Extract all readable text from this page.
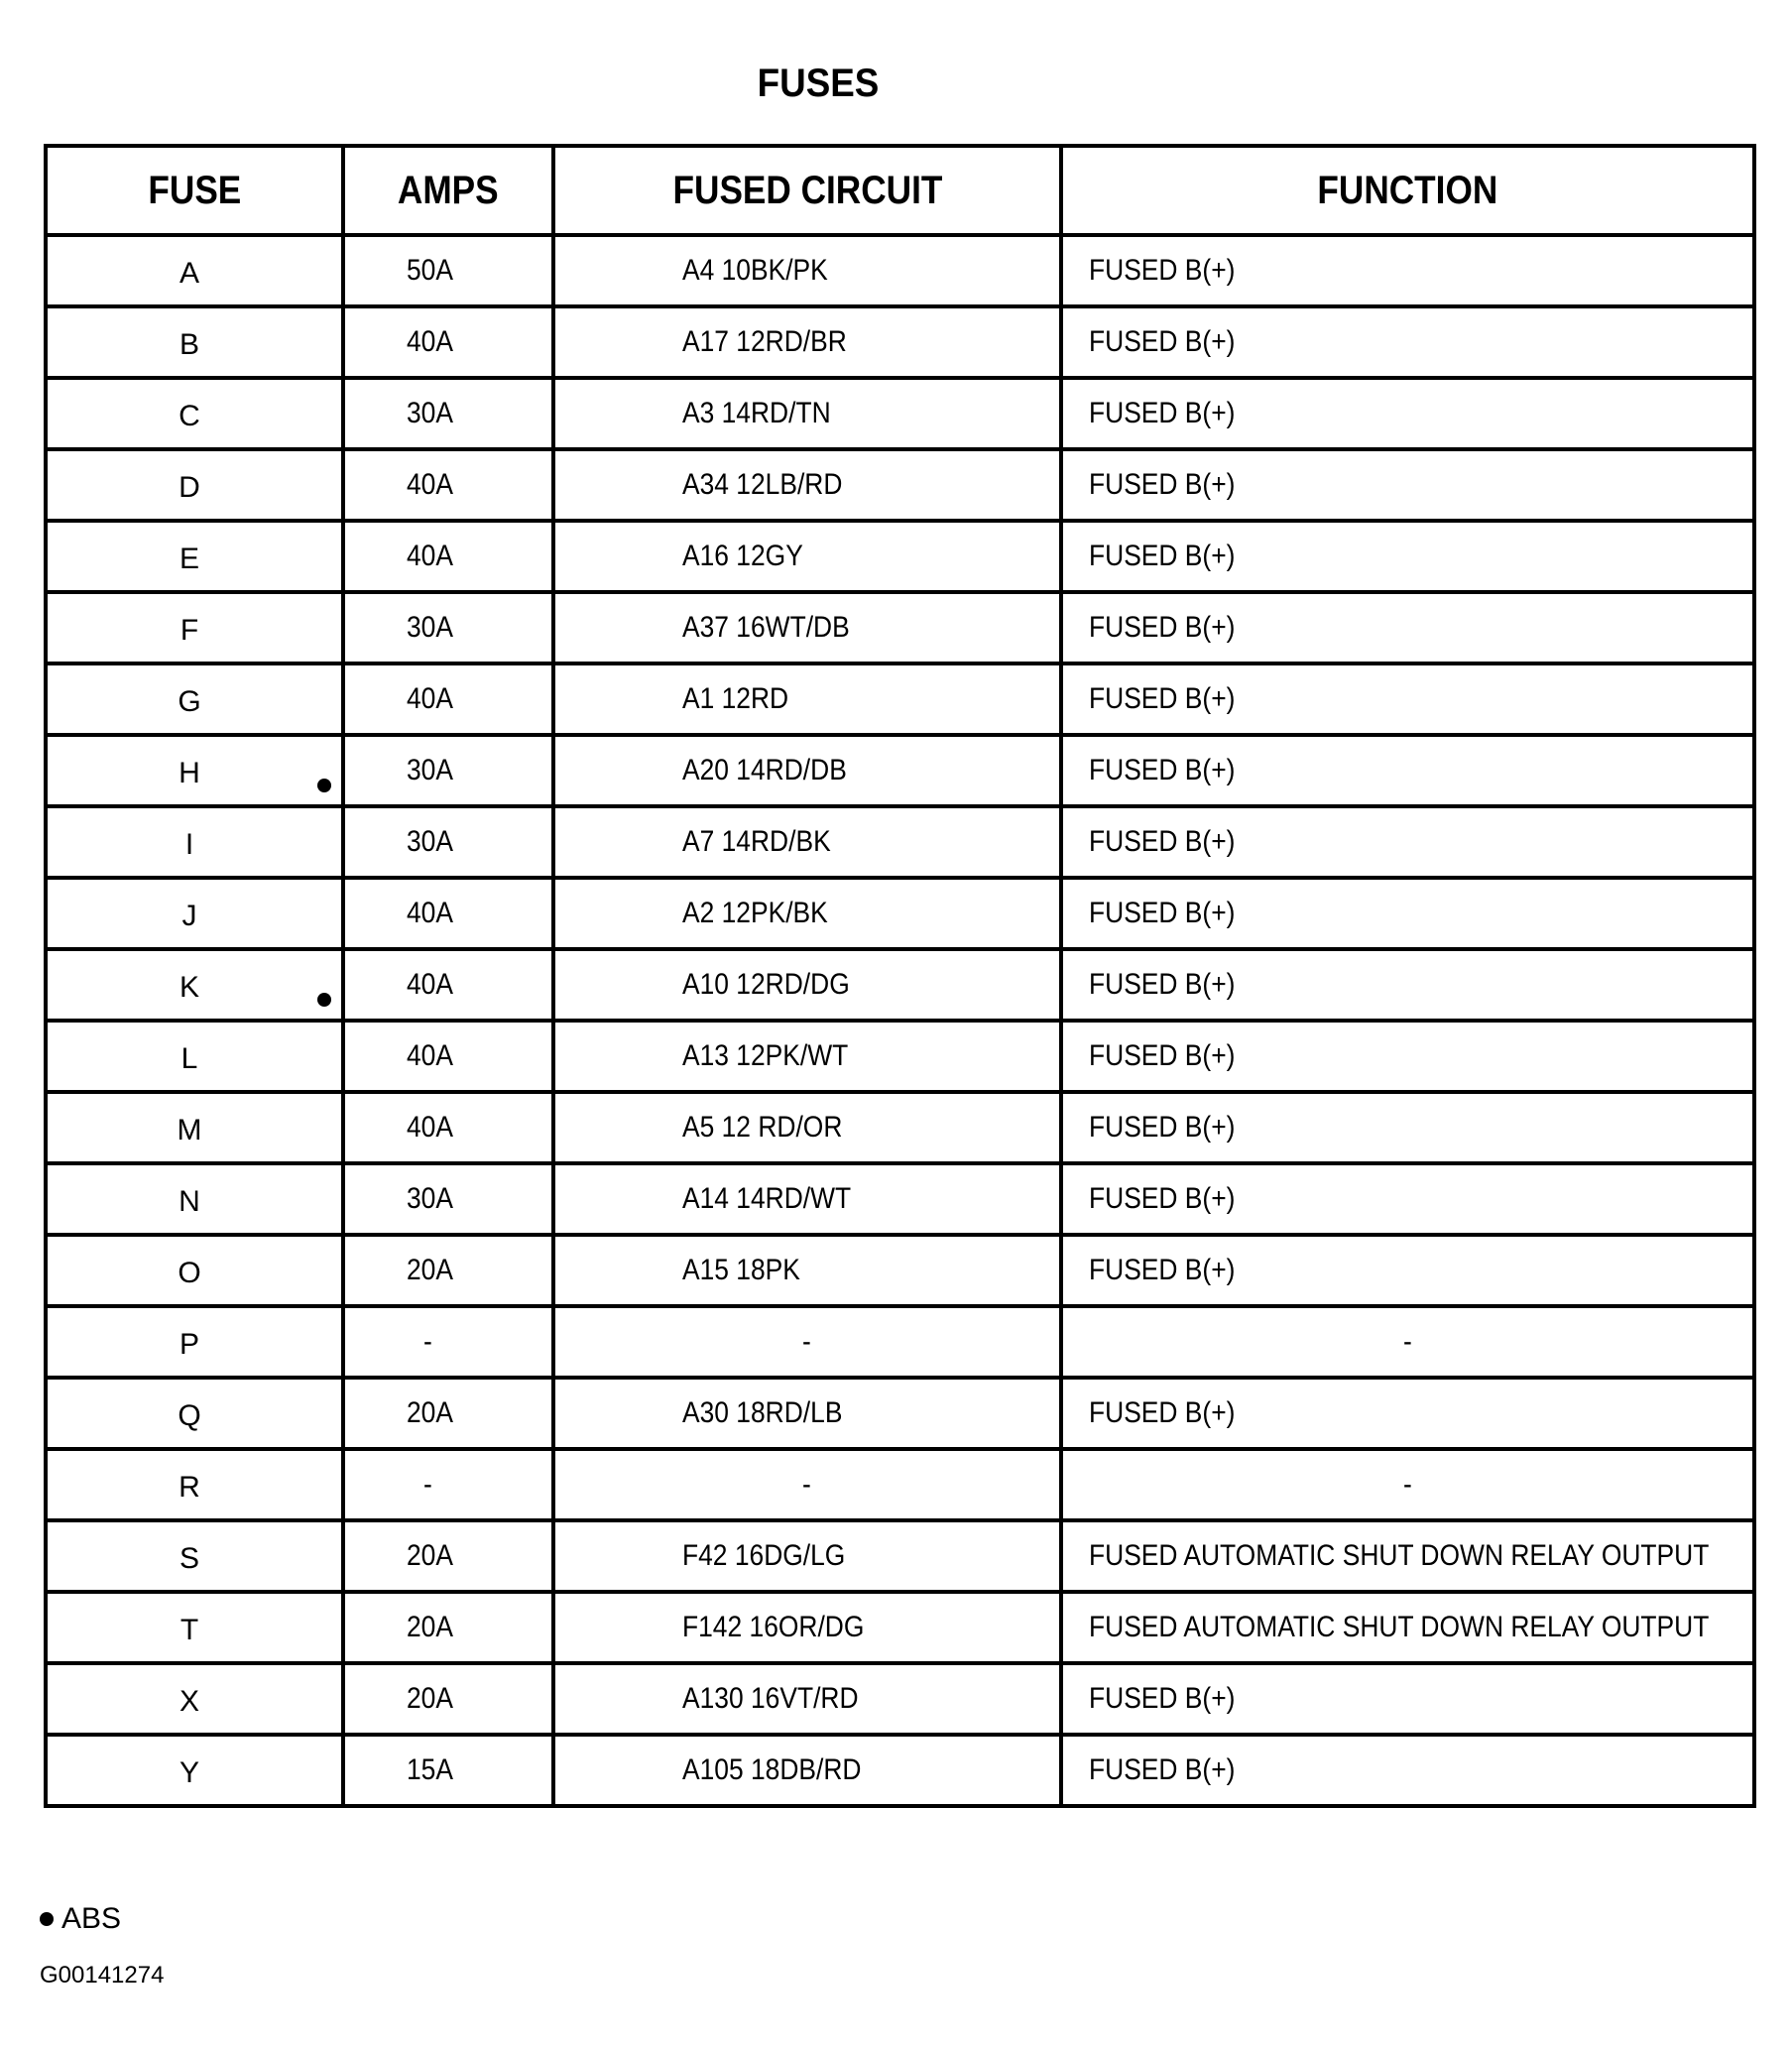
FUSES
FUSE	AMPS	FUSED CIRCUIT	FUNCTION
A	50A	A4 10BK/PK	FUSED B(+)
B	40A	A17 12RD/BR	FUSED B(+)
C	30A	A3 14RD/TN	FUSED B(+)
D	40A	A34 12LB/RD	FUSED B(+)
E	40A	A16 12GY	FUSED B(+)
F	30A	A37 16WT/DB	FUSED B(+)
G	40A	A1 12RD	FUSED B(+)
H	30A	A20 14RD/DB	FUSED B(+)
I	30A	A7 14RD/BK	FUSED B(+)
J	40A	A2 12PK/BK	FUSED B(+)
K	40A	A10 12RD/DG	FUSED B(+)
L	40A	A13 12PK/WT	FUSED B(+)
M	40A	A5 12 RD/OR	FUSED B(+)
N	30A	A14 14RD/WT	FUSED B(+)
O	20A	A15 18PK	FUSED B(+)
P	-	-	-
Q	20A	A30 18RD/LB	FUSED B(+)
R	-	-	-
S	20A	F42 16DG/LG	FUSED AUTOMATIC SHUT DOWN RELAY OUTPUT
T	20A	F142 16OR/DG	FUSED AUTOMATIC SHUT DOWN RELAY OUTPUT
X	20A	A130 16VT/RD	FUSED B(+)
Y	15A	A105 18DB/RD	FUSED B(+)
ABS
G00141274
